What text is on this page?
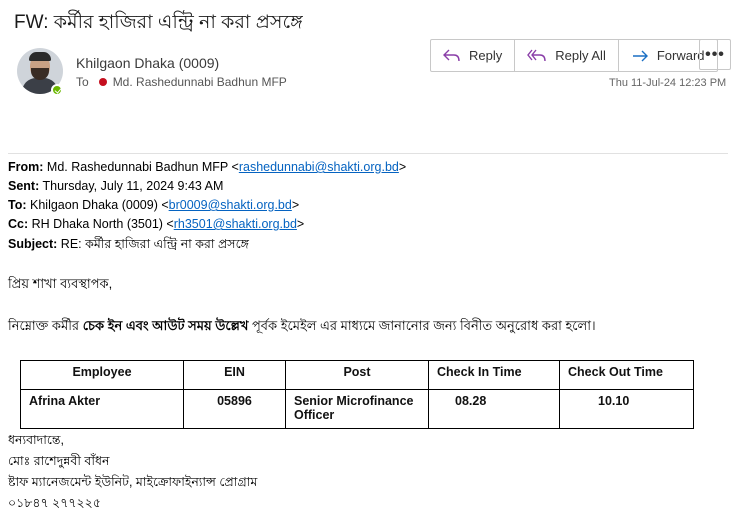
FW: কর্মীর হাজিরা এন্ট্রি না করা প্রসঙ্গে
Khilgaon Dhaka (0009)
To Md. Rashedunnabi Badhun MFP
Reply	Reply All	Forward •••
Thu 11-Jul-24 12:23 PM
From: Md. Rashedunnabi Badhun MFP <rashedunnabi@shakti.org.bd>
Sent: Thursday, July 11, 2024 9:43 AM
To: Khilgaon Dhaka (0009) <br0009@shakti.org.bd>
Cc: RH Dhaka North (3501) <rh3501@shakti.org.bd>
Subject: RE: কর্মীর হাজিরা এন্ট্রি না করা প্রসঙ্গে
প্রিয় শাখা ব্যবস্থাপক,
নিম্নোক্ত কর্মীর চেক ইন এবং আউট সময় উল্লেখ পূর্বক ইমেইল এর মাধ্যমে জানানোর জন্য বিনীত অনুরোধ করা হলো।
Employee	EIN	Post	Check In Time	Check Out Time
Afrina Akter	05896	Senior Microfinance Officer	08.28	10.10
ধন্যবাদান্তে,
মোঃ রাশেদুন্নবী বাঁধন
ষ্টাফ ম্যানেজমেন্ট ইউনিট, মাইক্রোফাইন্যান্স প্রোগ্রাম
০১৮৪৭ ২৭৭২২৫
